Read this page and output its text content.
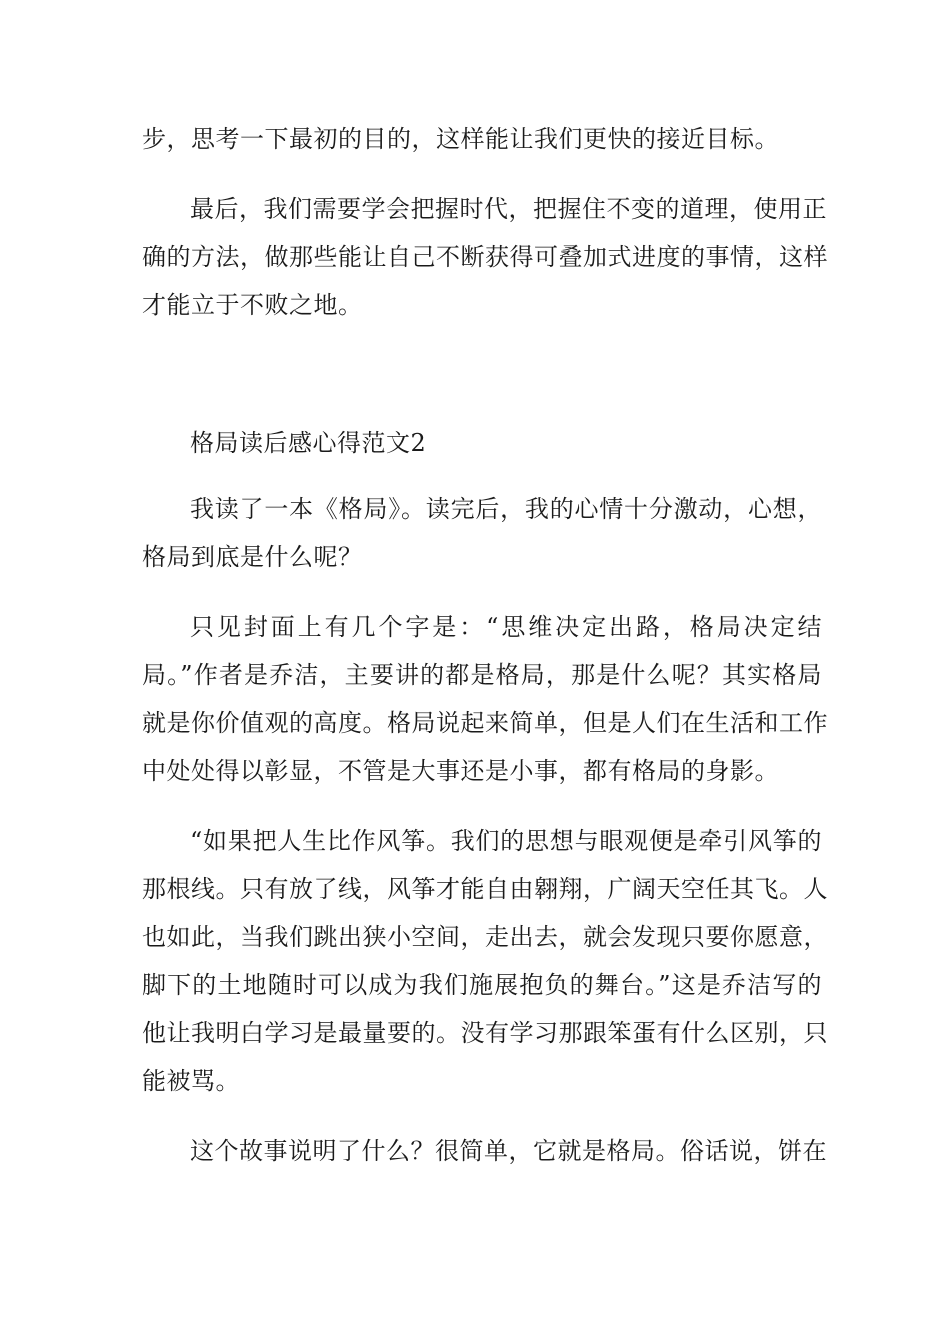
步，思考一下最初的目的，这样能让我们更快的接近目标。
最后，我们需要学会把握时代，把握住不变的道理，使用正
确的方法，做那些能让自己不断获得可叠加式进度的事情，这样
才能立于不败之地。
格局读后感心得范文2
我读了一本《格局》。读完后，我的心情十分激动，心想，
格局到底是什么呢？
只见封面上有几个字是：“思维决定出路，格局决定结
局。”作者是乔洁，主要讲的都是格局，那是什么呢？其实格局
就是你价值观的高度。格局说起来简单，但是人们在生活和工作
中处处得以彰显，不管是大事还是小事，都有格局的身影。
“如果把人生比作风筝。我们的思想与眼观便是牵引风筝的
那根线。只有放了线，风筝才能自由翱翔，广阔天空任其飞。人
也如此，当我们跳出狭小空间，走出去，就会发现只要你愿意，
脚下的土地随时可以成为我们施展抱负的舞台。”这是乔洁写的
他让我明白学习是最量要的。没有学习那跟笨蛋有什么区别，只
能被骂。
这个故事说明了什么？很简单，它就是格局。俗话说，饼在
